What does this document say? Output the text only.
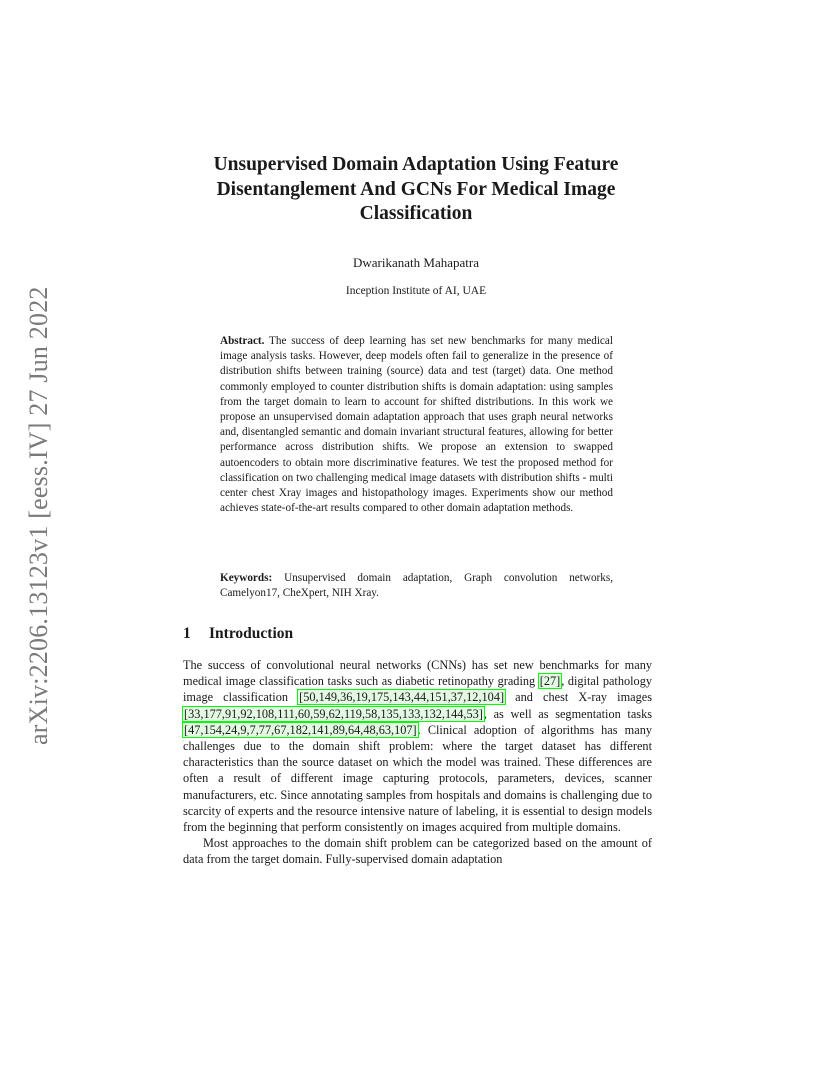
arXiv:2206.13123v1 [eess.IV] 27 Jun 2022
Unsupervised Domain Adaptation Using Feature Disentanglement And GCNs For Medical Image Classification
Dwarikanath Mahapatra
Inception Institute of AI, UAE
Abstract. The success of deep learning has set new benchmarks for many medical image analysis tasks. However, deep models often fail to generalize in the presence of distribution shifts between training (source) data and test (target) data. One method commonly employed to counter distribution shifts is domain adaptation: using samples from the target domain to learn to account for shifted distributions. In this work we propose an unsupervised domain adaptation approach that uses graph neural networks and, disentangled semantic and domain invariant structural features, allowing for better performance across distribution shifts. We propose an extension to swapped autoencoders to obtain more discriminative features. We test the proposed method for classification on two challenging medical image datasets with distribution shifts - multi center chest Xray images and histopathology images. Experiments show our method achieves state-of-the-art results compared to other domain adaptation methods.
Keywords: Unsupervised domain adaptation, Graph convolution networks, Camelyon17, CheXpert, NIH Xray.
1 Introduction

The success of convolutional neural networks (CNNs) has set new benchmarks for many medical image classification tasks such as diabetic retinopathy grading [27], digital pathology image classification [50,149,36,19,175,143,44,151,37,12,104] and chest X-ray images [33,177,91,92,108,111,60,59,62,119,58,135,133,132,144,53], as well as segmentation tasks [47,154,24,9,7,77,67,182,141,89,64,48,63,107]. Clinical adoption of algorithms has many challenges due to the domain shift problem: where the target dataset has different characteristics than the source dataset on which the model was trained. These differences are often a result of different image capturing protocols, parameters, devices, scanner manufacturers, etc. Since annotating samples from hospitals and domains is challenging due to scarcity of experts and the resource intensive nature of labeling, it is essential to design models from the beginning that perform consistently on images acquired from multiple domains.

Most approaches to the domain shift problem can be categorized based on the amount of data from the target domain. Fully-supervised domain adaptation
